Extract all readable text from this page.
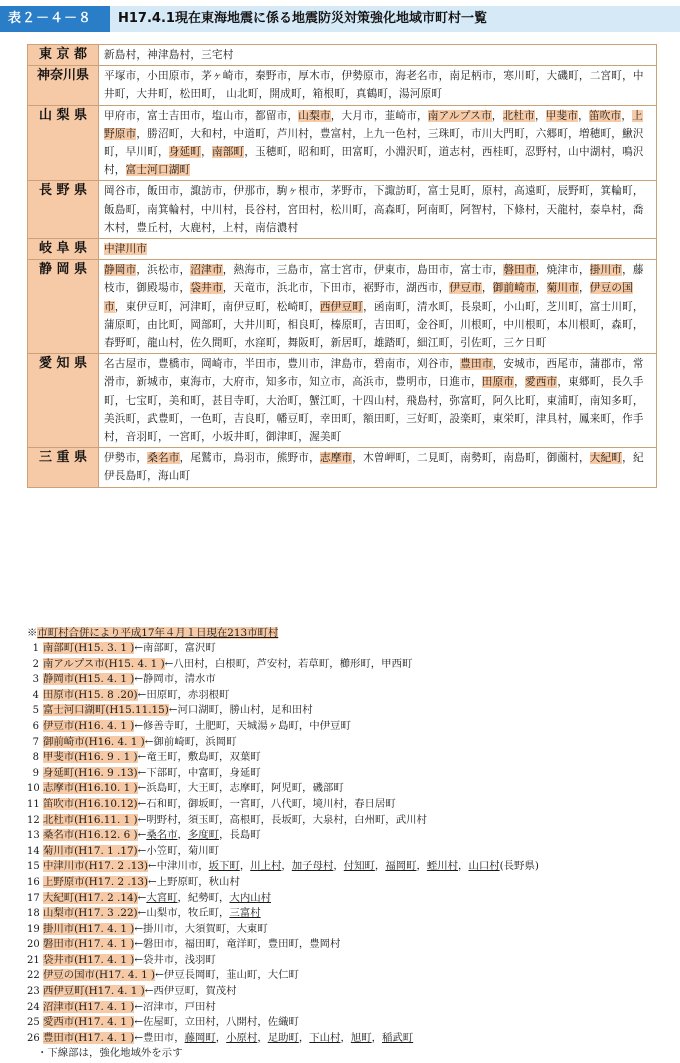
表２－４－８	H17.4.1現在東海地震に係る地震防災対策強化地域市町村一覧
東 京 都	新島村，神津島村，三宅村
神奈川県	平塚市，小田原市，茅ヶ崎市，秦野市，厚木市，伊勢原市，海老名市，南足柄市，寒川町，大磯町，二宮町，中井町，大井町，松田町， 山北町，開成町，箱根町，真鶴町，湯河原町
山 梨 県	甲府市，富士吉田市，塩山市，都留市，山梨市，大月市，韮崎市，南アルプス市，北杜市，甲斐市，笛吹市，上野原市，勝沼町，大和村，中道町，芦川村，豊富村，上九一色村，三珠町，市川大門町，六郷町，増穂町，鰍沢町，早川町，身延町，南部町，玉穂町，昭和町，田富町，小淵沢町，道志村，西桂町，忍野村，山中湖村，鳴沢村，富士河口湖町
長 野 県	岡谷市，飯田市，諏訪市，伊那市，駒ヶ根市，茅野市，下諏訪町，富士見町，原村，高遠町，辰野町，箕輪町，飯島町，南箕輪村，中川村，長谷村，宮田村，松川町，高森町，阿南町，阿智村，下條村，天龍村，泰阜村，喬木村，豊丘村，大鹿村，上村，南信濃村
岐 阜 県	中津川市
静 岡 県	静岡市，浜松市，沼津市，熱海市，三島市，富士宮市，伊東市，島田市，富士市，磐田市，焼津市，掛川市，藤枝市，御殿場市，袋井市，天竜市，浜北市，下田市，裾野市，湖西市，伊豆市，御前崎市，菊川市，伊豆の国市，東伊豆町，河津町，南伊豆町，松崎町，西伊豆町，函南町，清水町，長泉町，小山町，芝川町，富士川町，蒲原町，由比町，岡部町，大井川町，相良町，榛原町，吉田町，金谷町，川根町，中川根町，本川根町，森町，春野町，龍山村，佐久間町，水窪町，舞阪町，新居町，雄踏町，細江町，引佐町，三ケ日町
愛 知 県	名古屋市，豊橋市，岡崎市，半田市，豊川市，津島市，碧南市，刈谷市，豊田市，安城市，西尾市，蒲郡市，常滑市，新城市，東海市，大府市，知多市，知立市，高浜市，豊明市，日進市，田原市，愛西市，東郷町，長久手町，七宝町，美和町，甚目寺町，大治町，蟹江町，十四山村，飛島村，弥富町，阿久比町，東浦町，南知多町，美浜町，武豊町，一色町，吉良町，幡豆町，幸田町，額田町，三好町，設楽町，東栄町，津具村，鳳来町，作手村，音羽町，一宮町，小坂井町，御津町，渥美町
三 重 県	伊勢市，桑名市，尾鷲市，鳥羽市，熊野市，志摩市，木曽岬町，二見町，南勢町，南島町，御薗村，大紀町，紀伊長島町，海山町
※市町村合併により平成17年４月１日現在213市町村
1 南部町(H15. 3. 1 )←南部町，富沢町
2 南アルプス市(H15. 4. 1 )←八田村，白根町，芦安村，若草町，櫛形町，甲西町
3 静岡市(H15. 4. 1 )←静岡市，清水市
4 田原市(H15. 8 .20)←田原町，赤羽根町
5 富士河口湖町(H15.11.15)←河口湖町，勝山村，足和田村
6 伊豆市(H16. 4. 1 )←修善寺町，土肥町，天城湯ヶ島町，中伊豆町
7 御前崎市(H16. 4. 1 )←御前崎町，浜岡町
8 甲斐市(H16. 9 . 1 )←竜王町，敷島町，双葉町
9 身延町(H16. 9 .13)←下部町，中富町，身延町
10 志摩市(H16.10. 1 )←浜島町，大王町，志摩町，阿児町，磯部町
11 笛吹市(H16.10.12)←石和町，御坂町，一宮町，八代町，境川村，春日居町
12 北杜市(H16.11. 1 )←明野村，須玉町，高根町，長坂町，大泉村，白州町，武川村
13 桑名市(H16.12. 6 )←桑名市，多度町，長島町
14 菊川市(H17. 1 .17)←小笠町，菊川町
15 中津川市(H17. 2 .13)←中津川市，坂下町，川上村，加子母村，付知町，福岡町，蛭川村，山口村(長野県)
16 上野原市(H17. 2 .13)←上野原町，秋山村
17 大紀町(H17. 2 .14)←大宮町，紀勢町，大内山村
18 山梨市(H17. 3 .22)←山梨市，牧丘町，三富村
19 掛川市(H17. 4. 1 )←掛川市，大須賀町，大東町
20 磐田市(H17. 4. 1 )←磐田市，福田町，竜洋町，豊田町，豊岡村
21 袋井市(H17. 4. 1 )←袋井市，浅羽町
22 伊豆の国市(H17. 4. 1 )←伊豆長岡町，韮山町，大仁町
23 西伊豆町(H17. 4. 1 )←西伊豆町，賀茂村
24 沼津市(H17. 4. 1 )←沼津市，戸田村
25 愛西市(H17. 4. 1 )←佐屋町，立田村，八開村，佐織町
26 豊田市(H17. 4. 1 )←豊田市，藤岡町，小原村，足助町，下山村，旭町，稲武町
・下線部は，強化地域外を示す
